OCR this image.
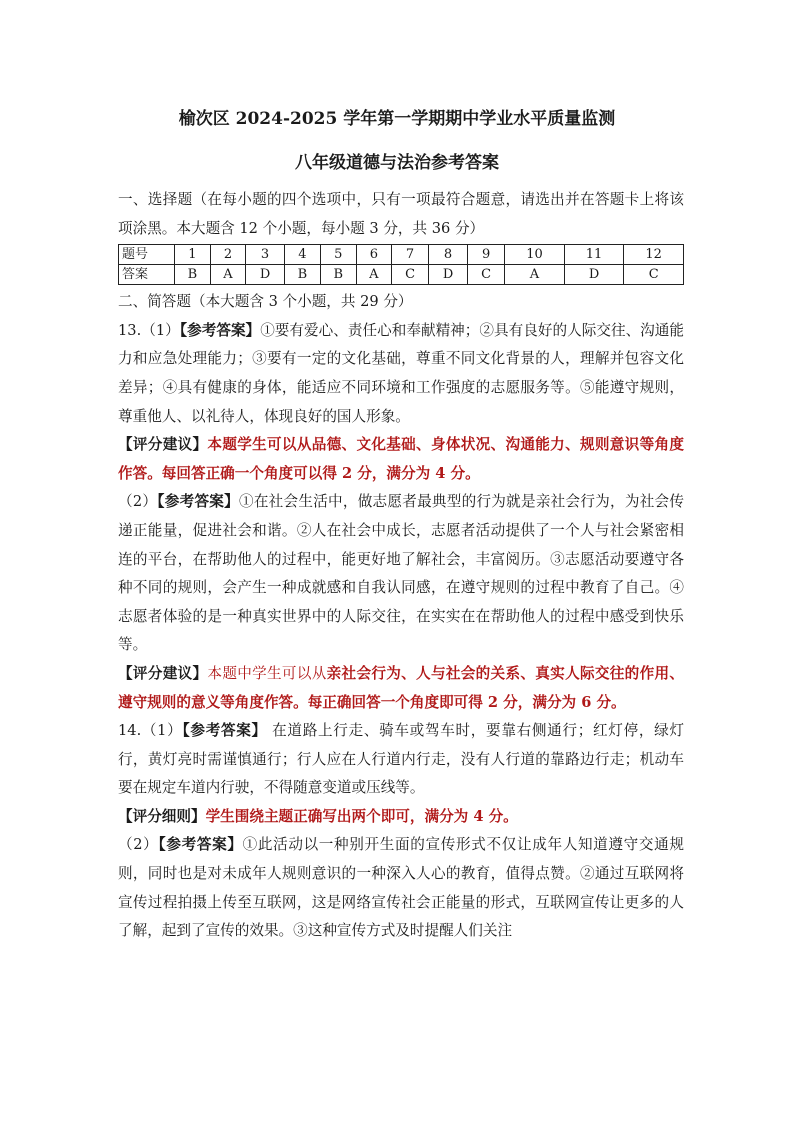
榆次区 2024-2025 学年第一学期期中学业水平质量监测
八年级道德与法治参考答案

一、选择题（在每小题的四个选项中，只有一项最符合题意，请选出并在答题卡上将该项涂黑。本大题含 12 个小题，每小题 3 分，共 36 分）

题号	1	2	3	4	5	6	7	8	9	10	11	12
答案	B	A	D	B	B	A	C	D	C	A	D	C

二、简答题（本大题含 3 个小题，共 29 分）

13.（1）【参考答案】①要有爱心、责任心和奉献精神；②具有良好的人际交往、沟通能力和应急处理能力；③要有一定的文化基础，尊重不同文化背景的人，理解并包容文化差异；④具有健康的身体，能适应不同环境和工作强度的志愿服务等。⑤能遵守规则，尊重他人、以礼待人，体现良好的国人形象。

【评分建议】本题学生可以从品德、文化基础、身体状况、沟通能力、规则意识等角度作答。每回答正确一个角度可以得 2 分，满分为 4 分。

（2）【参考答案】①在社会生活中，做志愿者最典型的行为就是亲社会行为，为社会传递正能量，促进社会和谐。②人在社会中成长，志愿者活动提供了一个人与社会紧密相连的平台，在帮助他人的过程中，能更好地了解社会，丰富阅历。③志愿活动要遵守各种不同的规则，会产生一种成就感和自我认同感，在遵守规则的过程中教育了自己。④志愿者体验的是一种真实世界中的人际交往，在实实在在帮助他人的过程中感受到快乐等。

【评分建议】本题中学生可以从亲社会行为、人与社会的关系、真实人际交往的作用、遵守规则的意义等角度作答。每正确回答一个角度即可得 2 分，满分为 6 分。

14.（1）【参考答案】 在道路上行走、骑车或驾车时，要靠右侧通行；红灯停，绿灯行，黄灯亮时需谨慎通行；行人应在人行道内行走，没有人行道的靠路边行走；机动车要在规定车道内行驶，不得随意变道或压线等。

【评分细则】学生围绕主题正确写出两个即可，满分为 4 分。

（2）【参考答案】①此活动以一种别开生面的宣传形式不仅让成年人知道遵守交通规则，同时也是对未成年人规则意识的一种深入人心的教育，值得点赞。②通过互联网将宣传过程拍摄上传至互联网，这是网络宣传社会正能量的形式，互联网宣传让更多的人了解，起到了宣传的效果。③这种宣传方式及时提醒人们关注
